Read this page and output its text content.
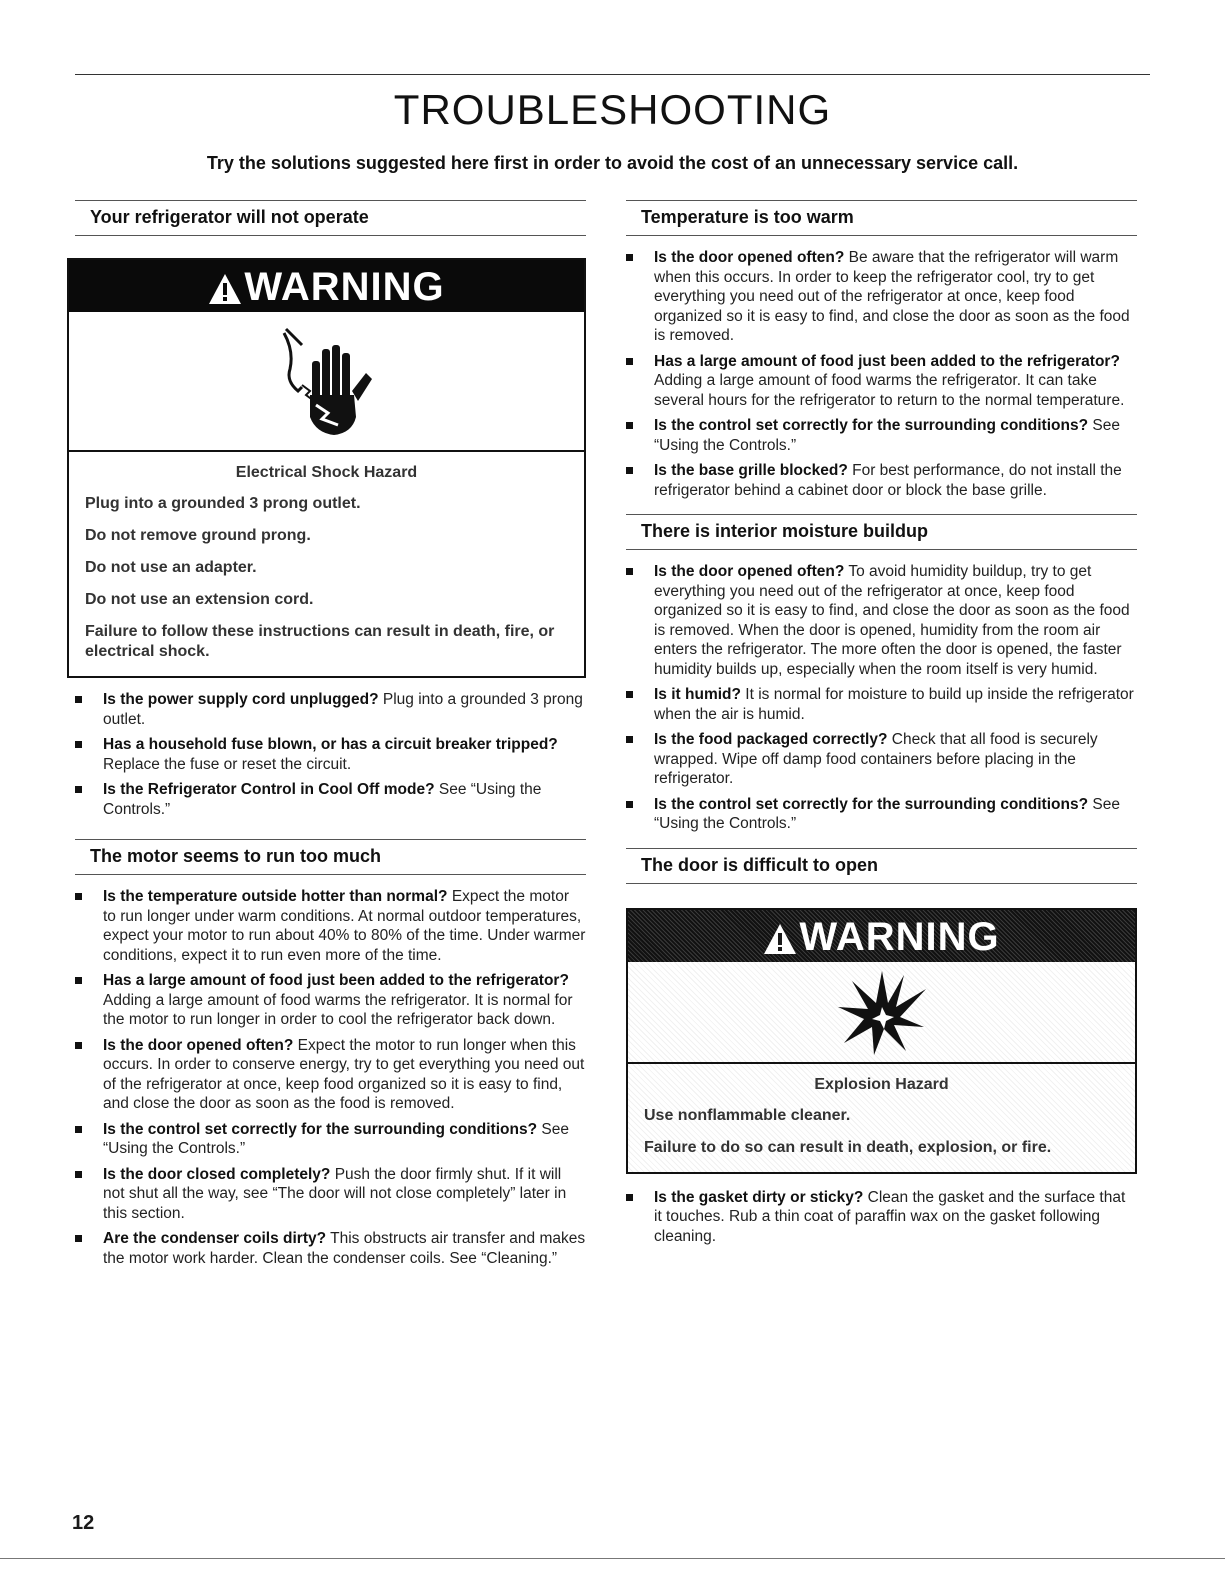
TROUBLESHOOTING

Try the solutions suggested here first in order to avoid the cost of an unnecessary service call.

Your refrigerator will not operate
WARNING
Electrical Shock Hazard

Plug into a grounded 3 prong outlet.

Do not remove ground prong.

Do not use an adapter.

Do not use an extension cord.

Failure to follow these instructions can result in death, fire, or electrical shock.

Is the power supply cord unplugged? Plug into a grounded 3 prong outlet.
Has a household fuse blown, or has a circuit breaker tripped? Replace the fuse or reset the circuit.
Is the Refrigerator Control in Cool Off mode? See “Using the Controls.”
The motor seems to run too much
Is the temperature outside hotter than normal? Expect the motor to run longer under warm conditions. At normal outdoor temperatures, expect your motor to run about 40% to 80% of the time. Under warmer conditions, expect it to run even more of the time.
Has a large amount of food just been added to the refrigerator? Adding a large amount of food warms the refrigerator. It is normal for the motor to run longer in order to cool the refrigerator back down.
Is the door opened often? Expect the motor to run longer when this occurs. In order to conserve energy, try to get everything you need out of the refrigerator at once, keep food organized so it is easy to find, and close the door as soon as the food is removed.
Is the control set correctly for the surrounding conditions? See “Using the Controls.”
Is the door closed completely? Push the door firmly shut. If it will not shut all the way, see “The door will not close completely” later in this section.
Are the condenser coils dirty? This obstructs air transfer and makes the motor work harder. Clean the condenser coils. See “Cleaning.”
Temperature is too warm
Is the door opened often? Be aware that the refrigerator will warm when this occurs. In order to keep the refrigerator cool, try to get everything you need out of the refrigerator at once, keep food organized so it is easy to find, and close the door as soon as the food is removed.
Has a large amount of food just been added to the refrigerator? Adding a large amount of food warms the refrigerator. It can take several hours for the refrigerator to return to the normal temperature.
Is the control set correctly for the surrounding conditions? See “Using the Controls.”
Is the base grille blocked? For best performance, do not install the refrigerator behind a cabinet door or block the base grille.
There is interior moisture buildup
Is the door opened often? To avoid humidity buildup, try to get everything you need out of the refrigerator at once, keep food organized so it is easy to find, and close the door as soon as the food is removed. When the door is opened, humidity from the room air enters the refrigerator. The more often the door is opened, the faster humidity builds up, especially when the room itself is very humid.
Is it humid? It is normal for moisture to build up inside the refrigerator when the air is humid.
Is the food packaged correctly? Check that all food is securely wrapped. Wipe off damp food containers before placing in the refrigerator.
Is the control set correctly for the surrounding conditions? See “Using the Controls.”
The door is difficult to open
WARNING
Explosion Hazard

Use nonflammable cleaner.

Failure to do so can result in death, explosion, or fire.

Is the gasket dirty or sticky? Clean the gasket and the surface that it touches. Rub a thin coat of paraffin wax on the gasket following cleaning.

12
